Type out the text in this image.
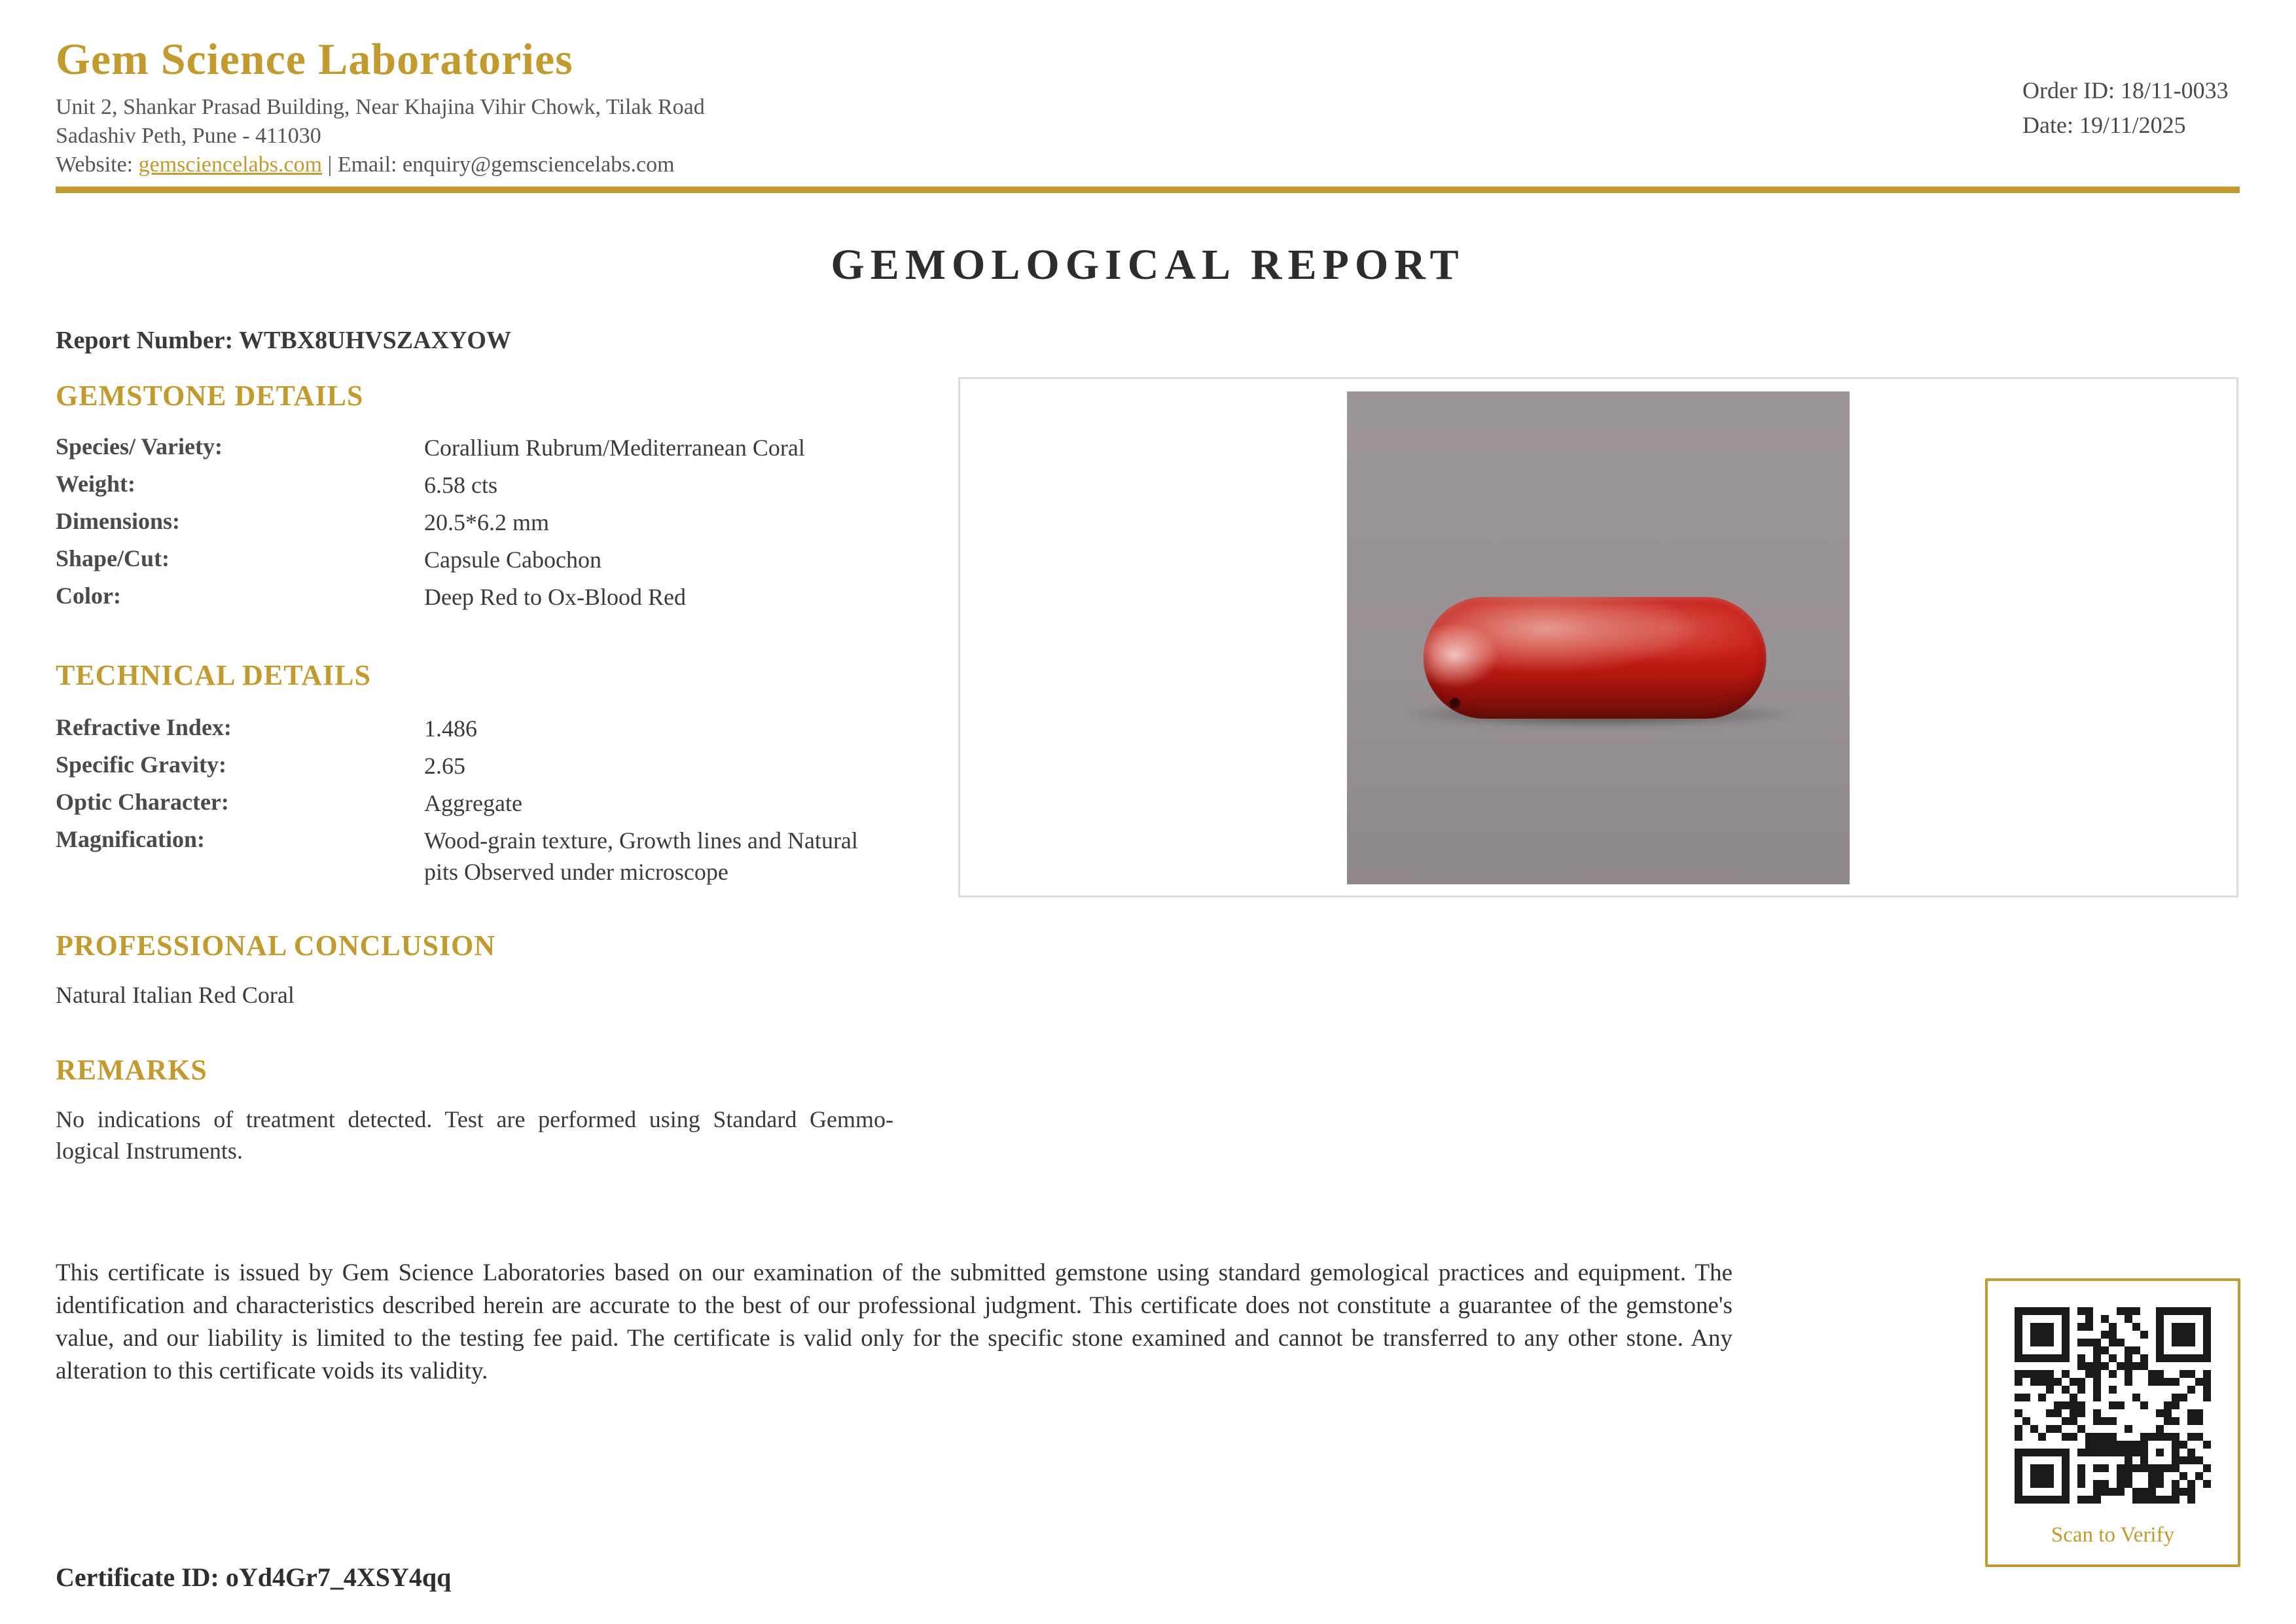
Gem Science Laboratories
Unit 2, Shankar Prasad Building, Near Khajina Vihir Chowk, Tilak Road
Sadashiv Peth, Pune - 411030
Website: gemsciencelabs.com | Email: enquiry@gemsciencelabs.com
Order ID: 18/11-0033
Date: 19/11/2025
GEMOLOGICAL REPORT
Report Number: WTBX8UHVSZAXYOW
GEMSTONE DETAILS
Species/ Variety:	Corallium Rubrum/Mediterranean Coral
Weight:	6.58 cts
Dimensions:	20.5*6.2 mm
Shape/Cut:	Capsule Cabochon
Color:	Deep Red to Ox-Blood Red
TECHNICAL DETAILS
Refractive Index:	1.486
Specific Gravity:	2.65
Optic Character:	Aggregate
Magnification:	Wood-grain texture, Growth lines and Natural
pits Observed under microscope
PROFESSIONAL CONCLUSION
Natural Italian Red Coral
REMARKS
No indications of treatment detected. Test are performed using Standard Gemmo-
logical Instruments.
This certificate is issued by Gem Science Laboratories based on our examination of the submitted gemstone using standard gemological practices and equipment. The
identification and characteristics described herein are accurate to the best of our professional judgment. This certificate does not constitute a guarantee of the gemstone's
value, and our liability is limited to the testing fee paid. The certificate is valid only for the specific stone examined and cannot be transferred to any other stone. Any
alteration to this certificate voids its validity.
Certificate ID: oYd4Gr7_4XSY4qq
Scan to Verify
